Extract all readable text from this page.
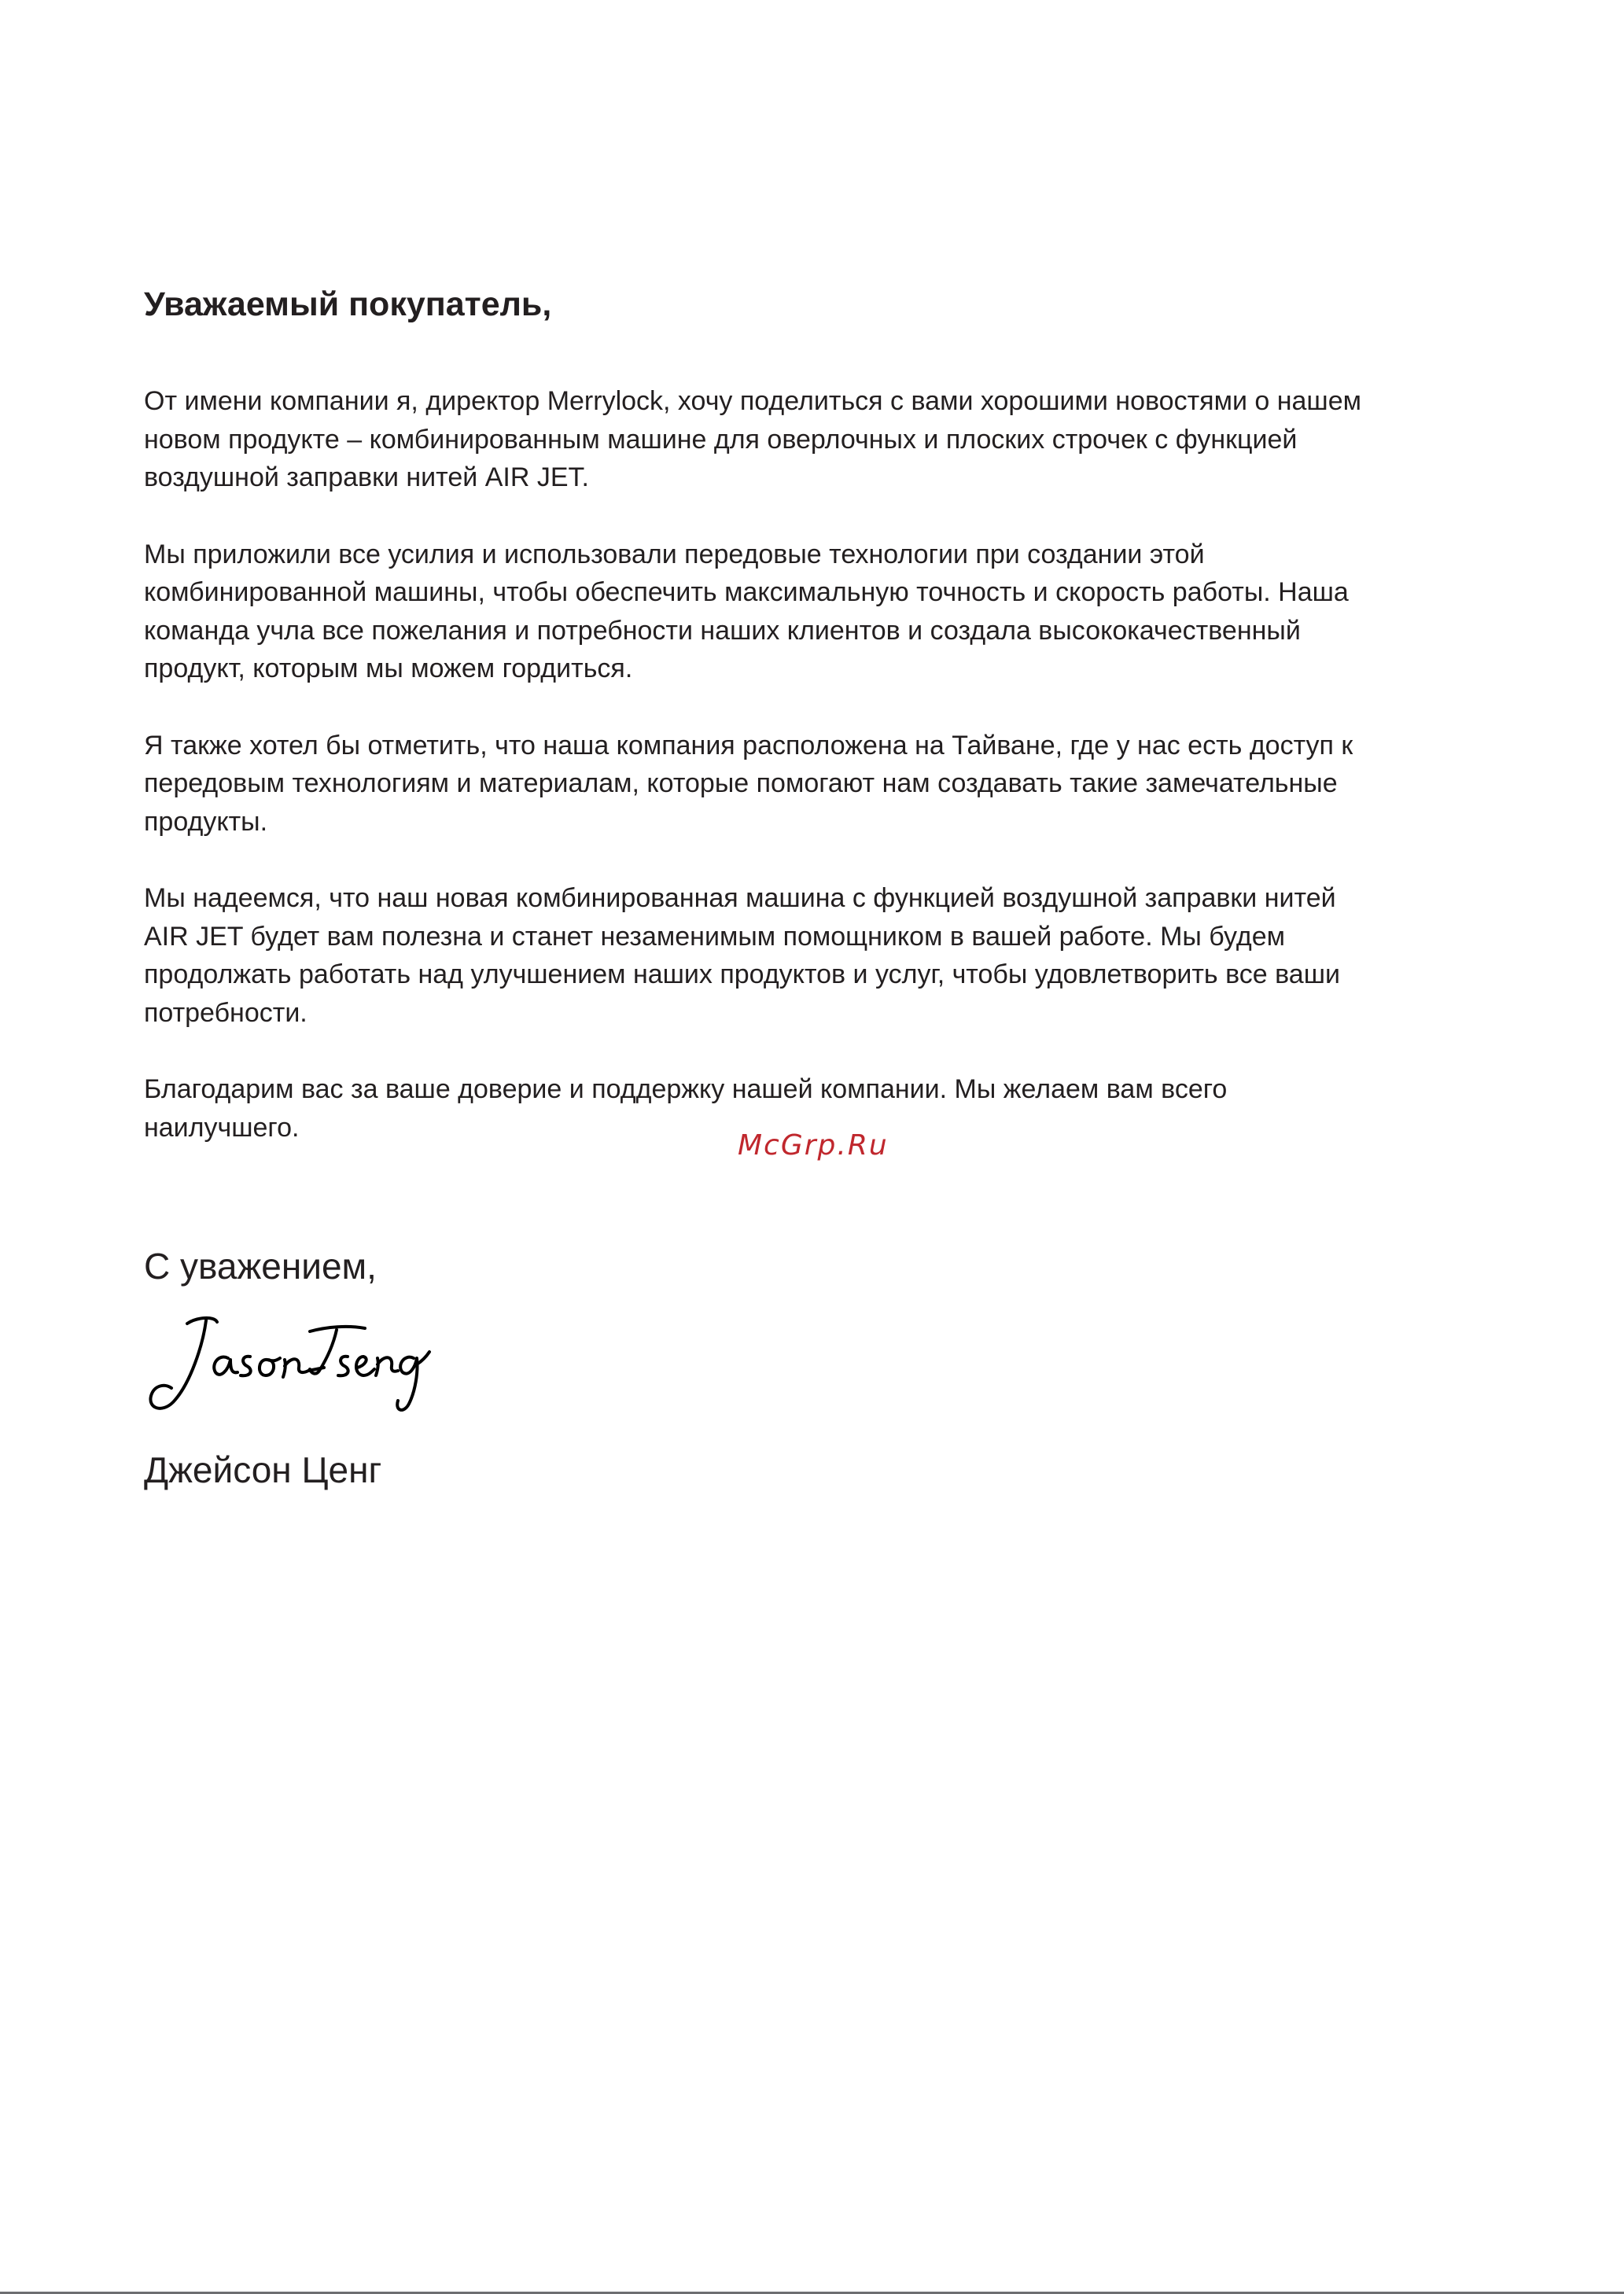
Уважаемый покупатель,

От имени компании я, директор Merrylock, хочу поделиться с вами хорошими новостями о нашем новом продукте – комбинированным машине для оверлочных и плоских строчек с функцией воздушной заправки нитей AIR JET.

Мы приложили все усилия и использовали передовые технологии при создании этой комбинированной машины, чтобы обеспечить максимальную точность и скорость работы. Наша команда учла все пожелания и потребности наших клиентов и создала высококачественный продукт, которым мы можем гордиться.

Я также хотел бы отметить, что наша компания расположена на Тайване, где у нас есть доступ к передовым технологиям и материалам, которые помогают нам создавать такие замечательные продукты.

Мы надеемся, что наш новая комбинированная машина с функцией воздушной заправки нитей AIR JET будет вам полезна и станет незаменимым помощником в вашей работе. Мы будем продолжать работать над улучшением наших продуктов и услуг, чтобы удовлетворить все ваши потребности.

Благодарим вас за ваше доверие и поддержку нашей компании. Мы желаем вам всего наилучшего.

McGrp.Ru
С уважением,
Джейсон Ценг
